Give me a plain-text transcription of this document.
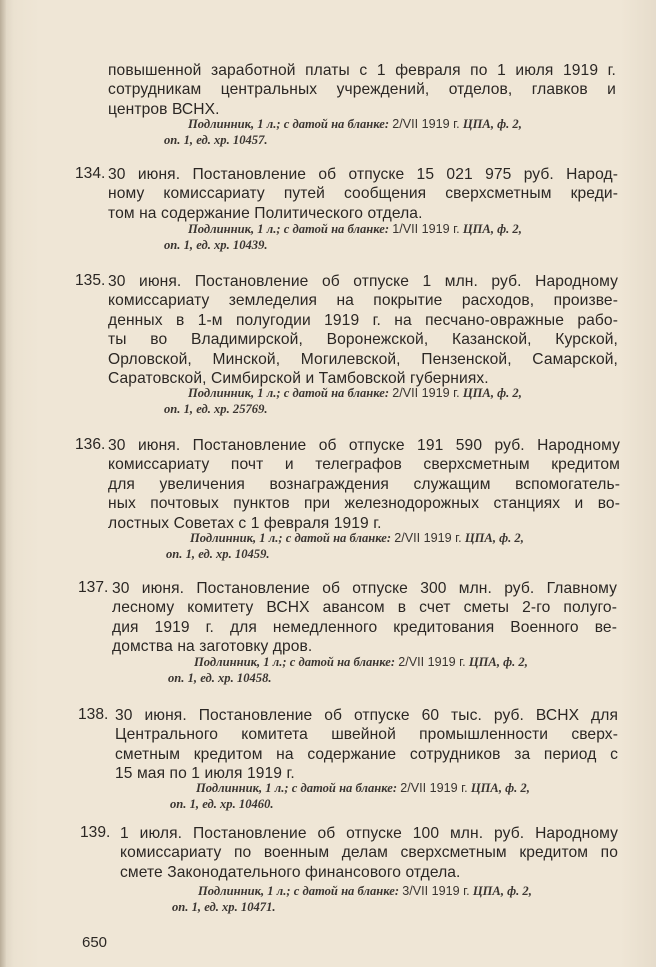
повышенной заработной платы с 1 февраля по 1 июля 1919 г.
сотрудникам центральных учреждений, отделов, главков и
центров ВСНХ.
Подлинник, 1 л.; с датой на бланке: 2/VII 1919 г. ЦПА, ф. 2,
оп. 1, ед. хр. 10457.
134. 30 июня. Постановление об отпуске 15 021 975 руб. Народ-
ному комиссариату путей сообщения сверхсметным креди-
том на содержание Политического отдела.
Подлинник, 1 л.; с датой на бланке: 1/VII 1919 г. ЦПА, ф. 2,
оп. 1, ед. хр. 10439.
135. 30 июня. Постановление об отпуске 1 млн. руб. Народному
комиссариату земледелия на покрытие расходов, произве-
денных в 1-м полугодии 1919 г. на песчано-овражные рабо-
ты во Владимирской, Воронежской, Казанской, Курской,
Орловской, Минской, Могилевской, Пензенской, Самарской,
Саратовской, Симбирской и Тамбовской губерниях.
Подлинник, 1 л.; с датой на бланке: 2/VII 1919 г. ЦПА, ф. 2,
оп. 1, ед. хр. 25769.
136. 30 июня. Постановление об отпуске 191 590 руб. Народному
комиссариату почт и телеграфов сверхсметным кредитом
для увеличения вознаграждения служащим вспомогатель-
ных почтовых пунктов при железнодорожных станциях и во-
лостных Советах с 1 февраля 1919 г.
Подлинник, 1 л.; с датой на бланке: 2/VII 1919 г. ЦПА, ф. 2,
оп. 1, ед. хр. 10459.
137. 30 июня. Постановление об отпуске 300 млн. руб. Главному
лесному комитету ВСНХ авансом в счет сметы 2-го полуго-
дия 1919 г. для немедленного кредитования Военного ве-
домства на заготовку дров.
Подлинник, 1 л.; с датой на бланке: 2/VII 1919 г. ЦПА, ф. 2,
оп. 1, ед. хр. 10458.
138. 30 июня. Постановление об отпуске 60 тыс. руб. ВСНХ для
Центрального комитета швейной промышленности сверх-
сметным кредитом на содержание сотрудников за период с
15 мая по 1 июля 1919 г.
Подлинник, 1 л.; с датой на бланке: 2/VII 1919 г. ЦПА, ф. 2,
оп. 1, ед. хр. 10460.
139. 1 июля. Постановление об отпуске 100 млн. руб. Народному
комиссариату по военным делам сверхсметным кредитом по
смете Законодательного финансового отдела.
Подлинник, 1 л.; с датой на бланке: 3/VII 1919 г. ЦПА, ф. 2,
оп. 1, ед. хр. 10471.
650
